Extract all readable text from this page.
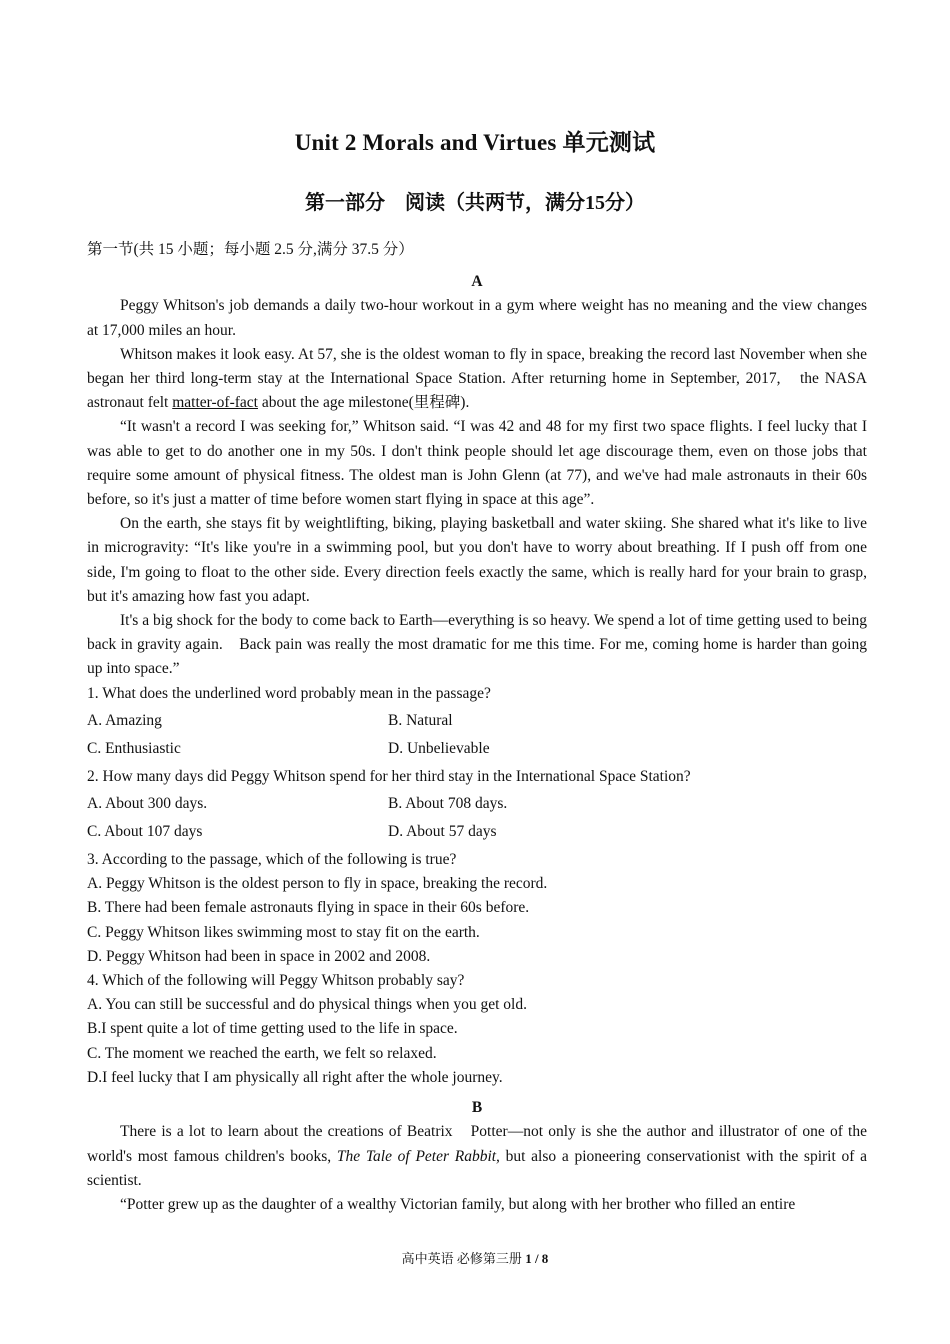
Unit 2 Morals and Virtues 单元测试
第一部分　阅读（共两节，满分15分）
第一节(共 15 小题；每小题 2.5 分,满分 37.5 分）

A

Peggy Whitson's job demands a daily two-hour workout in a gym where weight has no meaning and the view changes at 17,000 miles an hour.

Whitson makes it look easy. At 57, she is the oldest woman to fly in space, breaking the record last November when she began her third long-term stay at the International Space Station. After returning home in September, 2017,　the NASA astronaut felt matter-of-fact about the age milestone(里程碑).

“It wasn't a record I was seeking for,” Whitson said. “I was 42 and 48 for my first two space flights. I feel lucky that I was able to get to do another one in my 50s. I don't think people should let age discourage them, even on those jobs that require some amount of physical fitness. The oldest man is John Glenn (at 77), and we've had male astronauts in their 60s before, so it's just a matter of time before women start flying in space at this age”.

On the earth, she stays fit by weightlifting, biking, playing basketball and water skiing. She shared what it's like to live in microgravity: “It's like you're in a swimming pool, but you don't have to worry about breathing. If I push off from one side, I'm going to float to the other side. Every direction feels exactly the same, which is really hard for your brain to grasp, but it's amazing how fast you adapt.

It's a big shock for the body to come back to Earth—everything is so heavy. We spend a lot of time getting used to being back in gravity again.　Back pain was really the most dramatic for me this time. For me, coming home is harder than going up into space.”

1. What does the underlined word probably mean in the passage?

A. Amazing	B. Natural
C. Enthusiastic	D. Unbelievable

2. How many days did Peggy Whitson spend for her third stay in the International Space Station?

A. About 300 days.	B. About 708 days.
C. About 107 days	D. About 57 days

3. According to the passage, which of the following is true?

A. Peggy Whitson is the oldest person to fly in space, breaking the record.

B. There had been female astronauts flying in space in their 60s before.

C. Peggy Whitson likes swimming most to stay fit on the earth.

D. Peggy Whitson had been in space in 2002 and 2008.

4. Which of the following will Peggy Whitson probably say?

A. You can still be successful and do physical things when you get old.

B.I spent quite a lot of time getting used to the life in space.

C. The moment we reached the earth, we felt so relaxed.

D.I feel lucky that I am physically all right after the whole journey.

B

There is a lot to learn about the creations of Beatrix　Potter—not only is she the author and illustrator of one of the world's most famous children's books, The Tale of Peter Rabbit, but also a pioneering conservationist with the spirit of a scientist.

“Potter grew up as the daughter of a wealthy Victorian family, but along with her brother who filled an entire

高中英语 必修第三册 1 / 8
